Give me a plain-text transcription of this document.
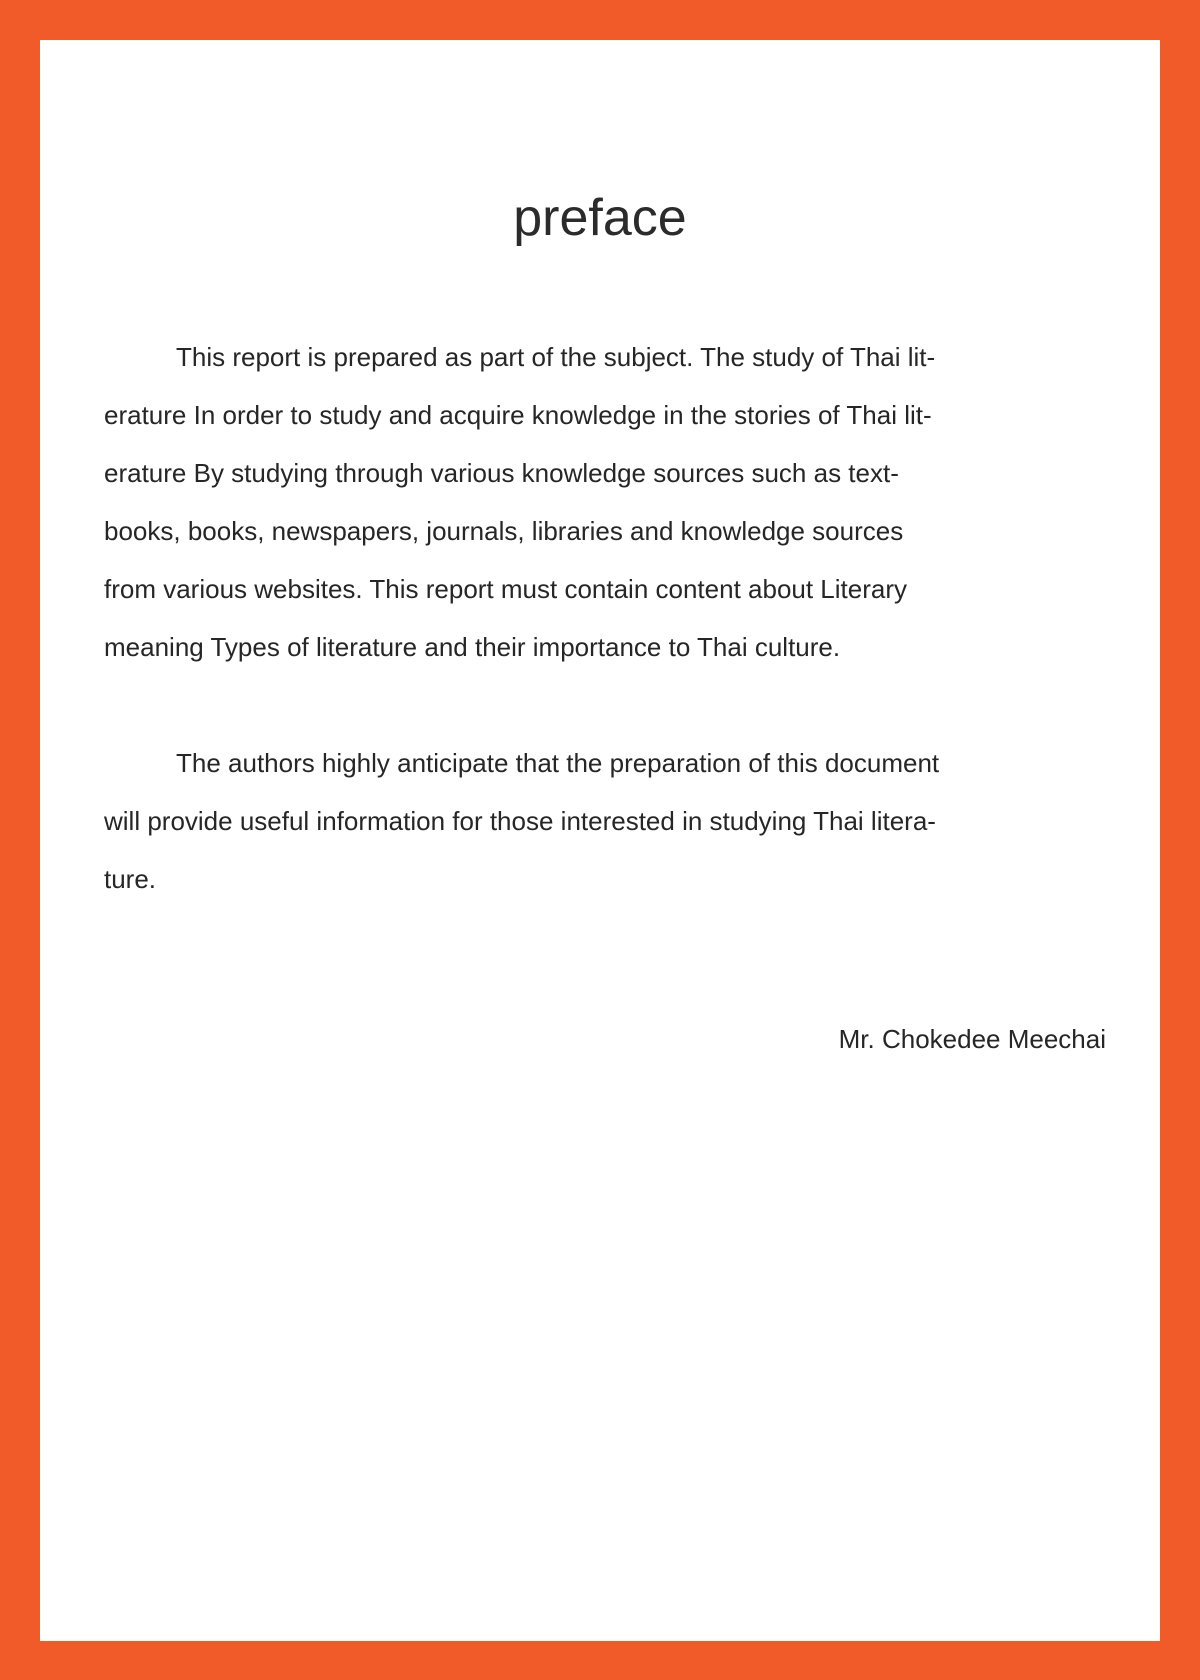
preface

This report is prepared as part of the subject. The study of Thai lit-
erature In order to study and acquire knowledge in the stories of Thai lit-
erature By studying through various knowledge sources such as text-
books, books, newspapers, journals, libraries and knowledge sources
from various websites. This report must contain content about Literary
meaning Types of literature and their importance to Thai culture.

The authors highly anticipate that the preparation of this document
will provide useful information for those interested in studying Thai litera-
ture.

Mr. Chokedee Meechai
